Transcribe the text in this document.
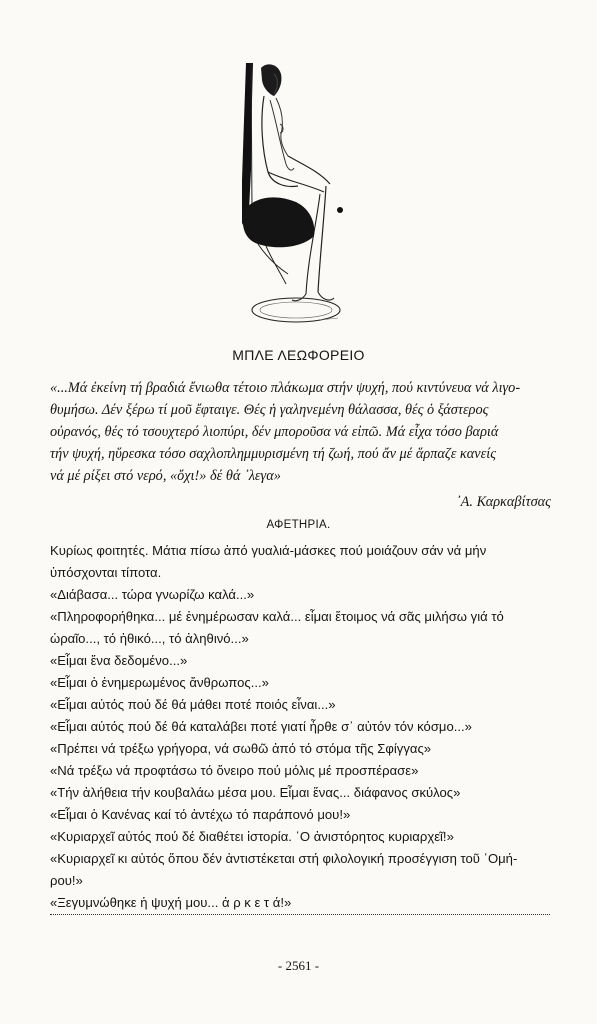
ΜΠΛΕ ΛΕΩΦΟΡΕΙΟ
«...Μά ἐκείνη τή βραδιά ἔνιωθα τέτοιο πλάκωμα στήν ψυχή, πού κιντύνευα νά λιγο-
θυμήσω. Δέν ξέρω τί μοῦ ἔφταιγε. Θές ἡ γαληνεμένη θάλασσα, θές ὁ ξάστερος
οὐρανός, θές τό τσουχτερό λιοπύρι, δέν μποροῦσα νά εἰπῶ. Μά εἶχα τόσο βαριά
τήν ψυχή, ηὕρεσκα τόσο σαχλοπλημμυρισμένη τή ζωή, πού ἄν μέ ἅρπαζε κανείς
νά μέ ρίξει στό νερό, «ὄχι!» δέ θά ᾽λεγα»
᾽Α. Καρκαβίτσας
ΑΦΕΤΗΡΙΑ.
Κυρίως φοιτητές. Μάτια πίσω ἀπό γυαλιά-μάσκες πού μοιάζουν σάν νά μήν
ὑπόσχονται τίποτα.
«Διάβασα... τώρα γνωρίζω καλά...»
«Πληροφορήθηκα... μέ ἐνημέρωσαν καλά... εἶμαι ἕτοιμος νά σᾶς μιλήσω γιά τό
ὡραῖο..., τό ἠθικό..., τό ἀληθινό...»
«Εἶμαι ἕνα δεδομένο...»
«Εἶμαι ὁ ἐνημερωμένος ἄνθρωπος...»
«Εἶμαι αὐτός πού δέ θά μάθει ποτέ ποιός εἶναι...»
«Εἶμαι αὐτός πού δέ θά καταλάβει ποτέ γιατί ἦρθε σ᾽ αὐτόν τόν κόσμο...»
«Πρέπει νά τρέξω γρήγορα, νά σωθῶ ἀπό τό στόμα τῆς Σφίγγας»
«Νά τρέξω νά προφτάσω τό ὄνειρο πού μόλις μέ προσπέρασε»
«Τήν ἀλήθεια τήν κουβαλάω μέσα μου. Εἶμαι ἕνας... διάφανος σκύλος»
«Εἶμαι ὁ Κανένας καί τό ἀντέχω τό παράπονό μου!»
«Κυριαρχεῖ αὐτός πού δέ διαθέτει ἱστορία. ῾Ο ἀνιστόρητος κυριαρχεῖ!»
«Κυριαρχεῖ κι αὐτός ὅπου δέν ἀντιστέκεται στή φιλολογική προσέγγιση τοῦ ῾Ομή-
ρου!»
«Ξεγυμνώθηκε ἡ ψυχή μου... ἀ ρ κ ε τ ά!»
- 2561 -
